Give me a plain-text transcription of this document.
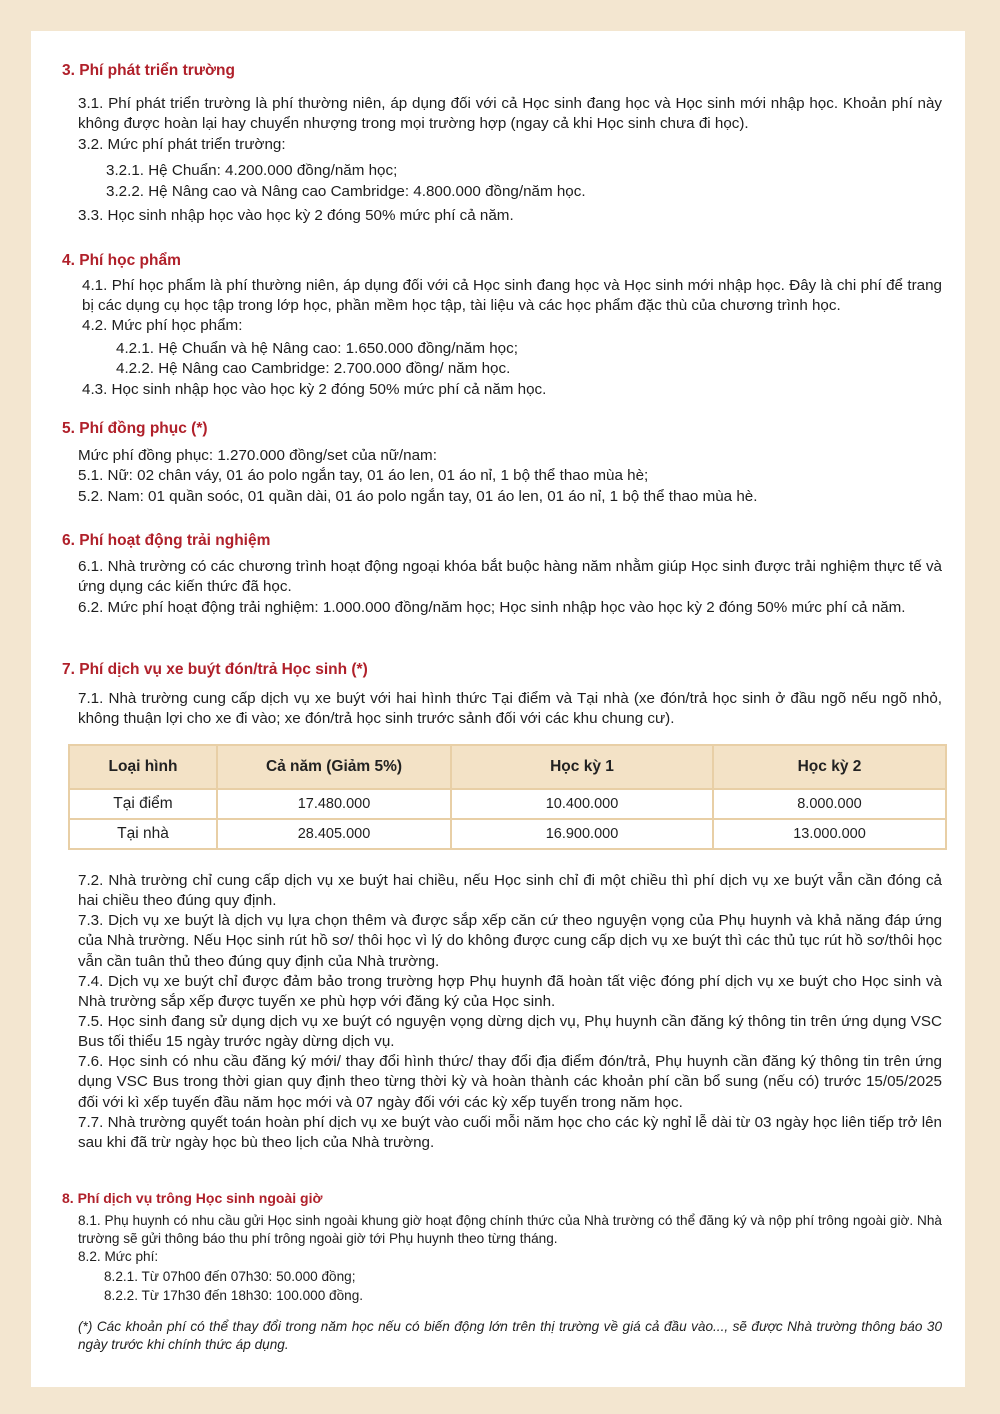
3. Phí phát triển trường

3.1. Phí phát triển trường là phí thường niên, áp dụng đối với cả Học sinh đang học và Học sinh mới nhập học. Khoản phí này không được hoàn lại hay chuyển nhượng trong mọi trường hợp (ngay cả khi Học sinh chưa đi học).

3.2. Mức phí phát triển trường:

3.2.1. Hệ Chuẩn: 4.200.000 đồng/năm học;

3.2.2. Hệ Nâng cao và Nâng cao Cambridge: 4.800.000 đồng/năm học.

3.3. Học sinh nhập học vào học kỳ 2 đóng 50% mức phí cả năm.

4. Phí học phẩm

4.1. Phí học phẩm là phí thường niên, áp dụng đối với cả Học sinh đang học và Học sinh mới nhập học. Đây là chi phí để trang bị các dụng cụ học tập trong lớp học, phần mềm học tập, tài liệu và các học phẩm đặc thù của chương trình học.

4.2. Mức phí học phẩm:

4.2.1. Hệ Chuẩn và hệ Nâng cao: 1.650.000 đồng/năm học;

4.2.2. Hệ Nâng cao Cambridge: 2.700.000 đồng/ năm học.

4.3. Học sinh nhập học vào học kỳ 2 đóng 50% mức phí cả năm học.

5. Phí đồng phục (*)

Mức phí đồng phục: 1.270.000 đồng/set của nữ/nam:

5.1. Nữ: 02 chân váy, 01 áo polo ngắn tay, 01 áo len, 01 áo nỉ, 1 bộ thể thao mùa hè;

5.2. Nam: 01 quần soóc, 01 quần dài, 01 áo polo ngắn tay, 01 áo len, 01 áo nỉ, 1 bộ thể thao mùa hè.

6. Phí hoạt động trải nghiệm

6.1. Nhà trường có các chương trình hoạt động ngoại khóa bắt buộc hàng năm nhằm giúp Học sinh được trải nghiệm thực tế và ứng dụng các kiến thức đã học.

6.2. Mức phí hoạt động trải nghiệm: 1.000.000 đồng/năm học; Học sinh nhập học vào học kỳ 2 đóng 50% mức phí cả năm.

7. Phí dịch vụ xe buýt đón/trả Học sinh (*)

7.1. Nhà trường cung cấp dịch vụ xe buýt với hai hình thức Tại điểm và Tại nhà (xe đón/trả học sinh ở đầu ngõ nếu ngõ nhỏ, không thuận lợi cho xe đi vào; xe đón/trả học sinh trước sảnh đối với các khu chung cư).

Loại hình	Cả năm (Giảm 5%)	Học kỳ 1	Học kỳ 2
Tại điểm	17.480.000	10.400.000	8.000.000
Tại nhà	28.405.000	16.900.000	13.000.000

7.2. Nhà trường chỉ cung cấp dịch vụ xe buýt hai chiều, nếu Học sinh chỉ đi một chiều thì phí dịch vụ xe buýt vẫn cần đóng cả hai chiều theo đúng quy định.

7.3. Dịch vụ xe buýt là dịch vụ lựa chọn thêm và được sắp xếp căn cứ theo nguyện vọng của Phụ huynh và khả năng đáp ứng của Nhà trường. Nếu Học sinh rút hồ sơ/ thôi học vì lý do không được cung cấp dịch vụ xe buýt thì các thủ tục rút hồ sơ/thôi học vẫn cần tuân thủ theo đúng quy định của Nhà trường.

7.4. Dịch vụ xe buýt chỉ được đảm bảo trong trường hợp Phụ huynh đã hoàn tất việc đóng phí dịch vụ xe buýt cho Học sinh và Nhà trường sắp xếp được tuyến xe phù hợp với đăng ký của Học sinh.

7.5. Học sinh đang sử dụng dịch vụ xe buýt có nguyện vọng dừng dịch vụ, Phụ huynh cần đăng ký thông tin trên ứng dụng VSC Bus tối thiểu 15 ngày trước ngày dừng dịch vụ.

7.6. Học sinh có nhu cầu đăng ký mới/ thay đổi hình thức/ thay đổi địa điểm đón/trả, Phụ huynh cần đăng ký thông tin trên ứng dụng VSC Bus trong thời gian quy định theo từng thời kỳ và hoàn thành các khoản phí cần bổ sung (nếu có) trước 15/05/2025 đối với kì xếp tuyến đầu năm học mới và 07 ngày đối với các kỳ xếp tuyến trong năm học.

7.7. Nhà trường quyết toán hoàn phí dịch vụ xe buýt vào cuối mỗi năm học cho các kỳ nghỉ lễ dài từ 03 ngày học liên tiếp trở lên sau khi đã trừ ngày học bù theo lịch của Nhà trường.

8. Phí dịch vụ trông Học sinh ngoài giờ

8.1. Phụ huynh có nhu cầu gửi Học sinh ngoài khung giờ hoạt động chính thức của Nhà trường có thể đăng ký và nộp phí trông ngoài giờ. Nhà trường sẽ gửi thông báo thu phí trông ngoài giờ tới Phụ huynh theo từng tháng.

8.2. Mức phí:

8.2.1. Từ 07h00 đến 07h30: 50.000 đồng;

8.2.2. Từ 17h30 đến 18h30: 100.000 đồng.

(*) Các khoản phí có thể thay đổi trong năm học nếu có biến động lớn trên thị trường về giá cả đầu vào..., sẽ được Nhà trường thông báo 30 ngày trước khi chính thức áp dụng.
